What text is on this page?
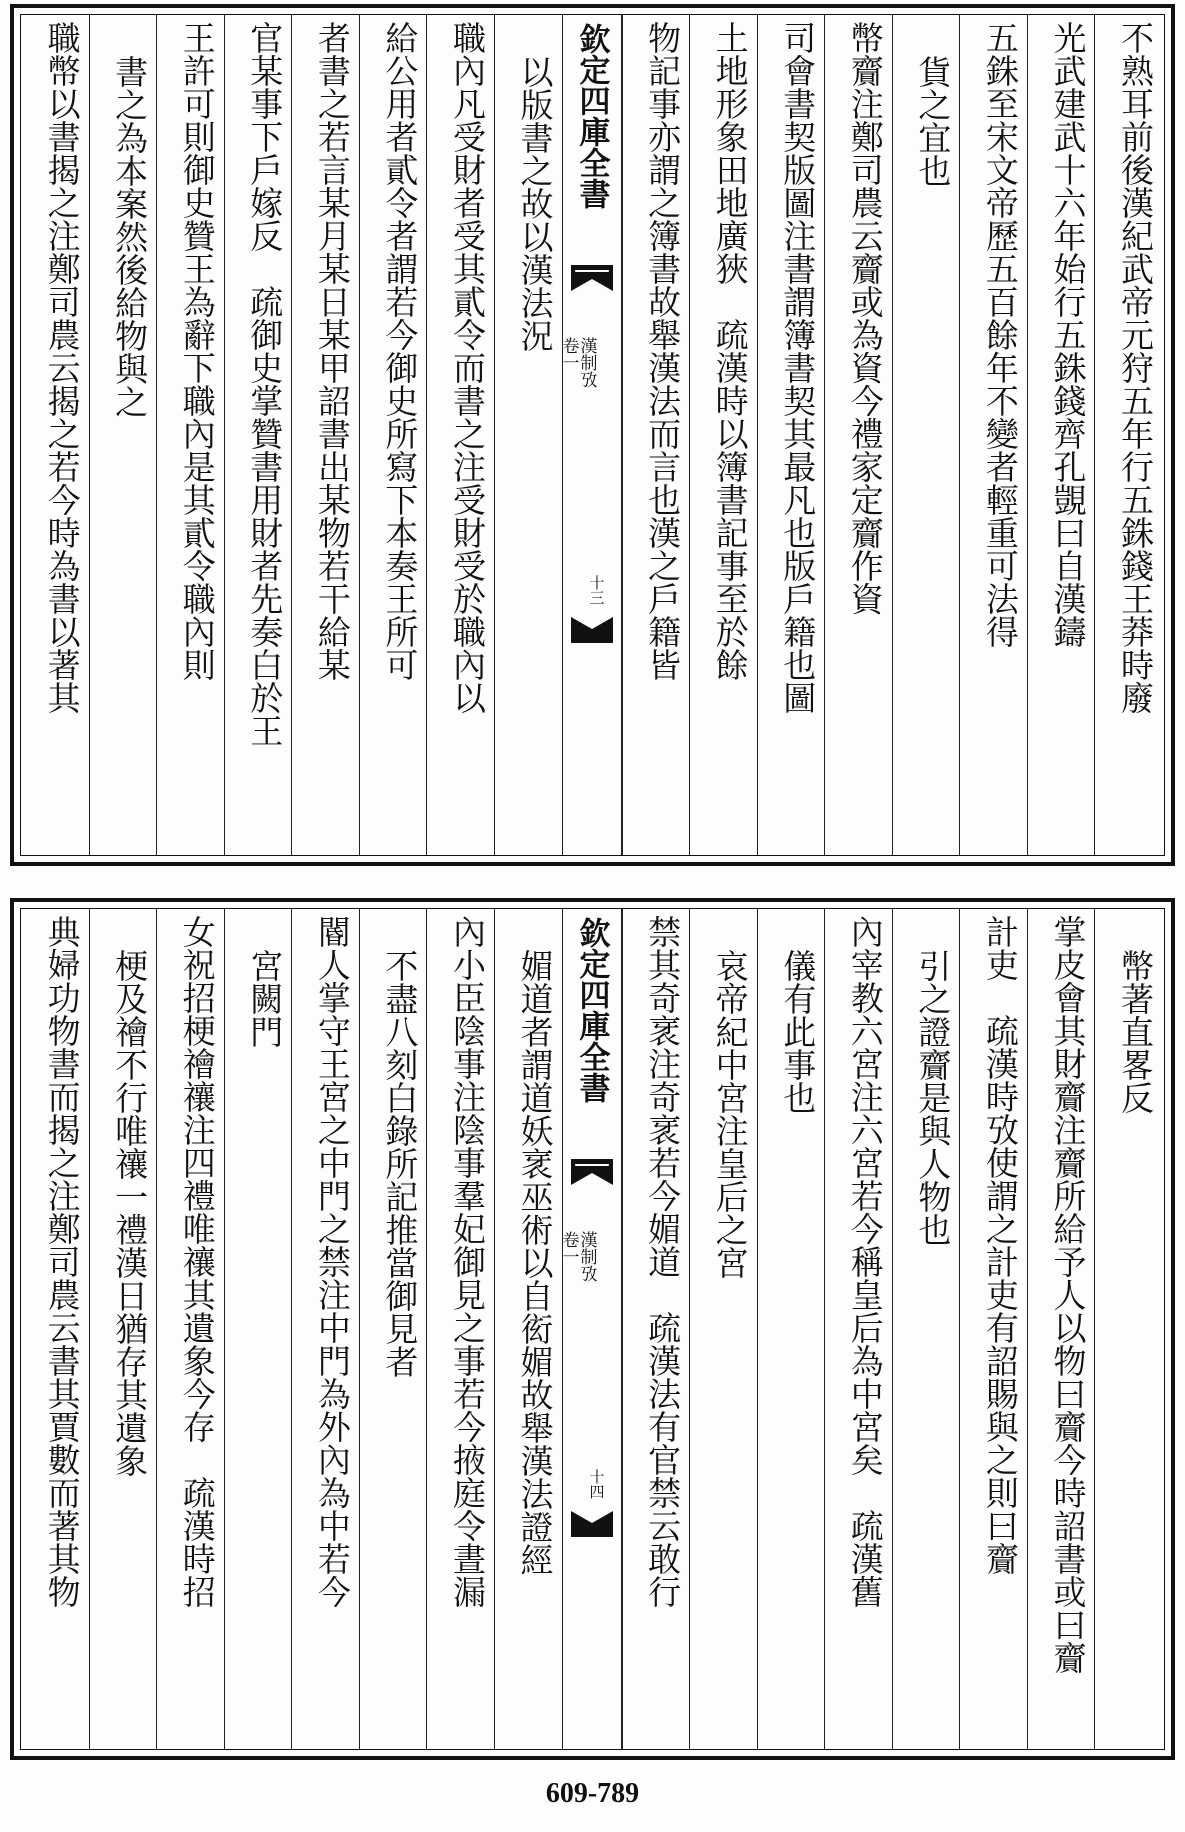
不熟耳前後漢紀武帝元狩五年行五銖錢王莽時廢
光武建武十六年始行五銖錢齊孔覬曰自漢鑄
五銖至宋文帝歷五百餘年不變者輕重可法得
貨之宜也
幣齎注鄭司農云齎或為資今禮家定齎作資
司會書契版圖注書謂簿書契其最凡也版戶籍也圖
土地形象田地廣狹　疏漢時以簿書記事至於餘
物記事亦謂之簿書故舉漢法而言也漢之戶籍皆
以版書之故以漢法況
職內凡受財者受其貳令而書之注受財受於職內以
給公用者貳令者謂若今御史所寫下本奏王所可
者書之若言某月某日某甲詔書出某物若干給某
官某事下戶嫁反　疏御史掌贊書用財者先奏白於王
王許可則御史贊王為辭下職內是其貳令職內則
書之為本案然後給物與之
職幣以書揭之注鄭司農云揭之若今時為書以著其	欽定四庫全書
漢制攷
卷一
十三
幣著直畧反
掌皮會其財齎注齎所給予人以物曰齎今時詔書或曰齎
計吏　疏漢時攷使謂之計吏有詔賜與之則曰齎
引之證齎是與人物也
內宰教六宮注六宮若今稱皇后為中宮矣　疏漢舊
儀有此事也
哀帝紀中宮注皇后之宮
禁其奇衺注奇衺若今媚道　疏漢法有官禁云敢行
媚道者謂道妖衺巫術以自衒媚故舉漢法證經
內小臣陰事注陰事羣妃御見之事若今掖庭令晝漏
不盡八刻白錄所記推當御見者
閽人掌守王宮之中門之禁注中門為外內為中若今
宮闕門
女祝招梗禬禳注四禮唯禳其遺象今存　疏漢時招
梗及禬不行唯禳一禮漢日猶存其遺象
典婦功物書而揭之注鄭司農云書其賈數而著其物	欽定四庫全書
漢制攷
卷一
十四
609-789
